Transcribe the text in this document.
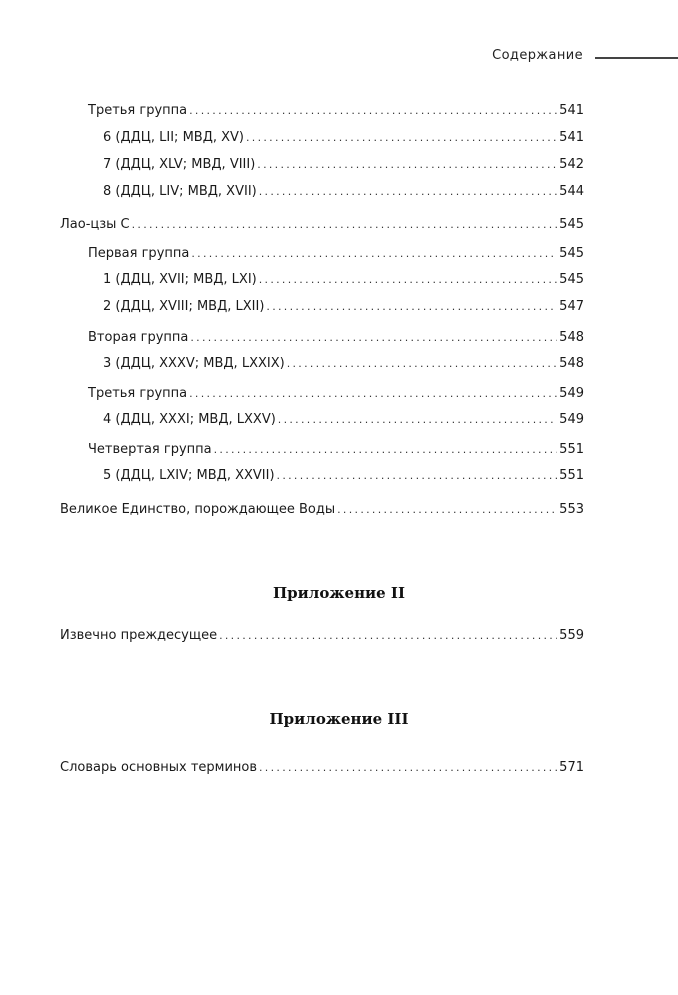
Содержание
Третья группа . . .	541
6 (ДДЦ, LII; МВД, XV) . . .	541
7 (ДДЦ, XLV; МВД, VIII) . . .	542
8 (ДДЦ, LIV; МВД, XVII) . . .	544
Лао-цзы С . . .	545
Первая группа . . .	545
1 (ДДЦ, XVII; МВД, LXI) . . .	545
2 (ДДЦ, XVIII; МВД, LXII) . . .	547
Вторая группа . . .	548
3 (ДДЦ, XXXV; МВД, LXXIX) . . .	548
Третья группа . . .	549
4 (ДДЦ, XXXI; МВД, LXXV) . . .	549
Четвертая группа . . .	551
5 (ДДЦ, LXIV; МВД, XXVII) . . .	551
Великое Единство, порождающее Воды . . .	553
Приложение II
Извечно преждесущее . . .	559
Приложение III
Словарь основных терминов . . .	571
